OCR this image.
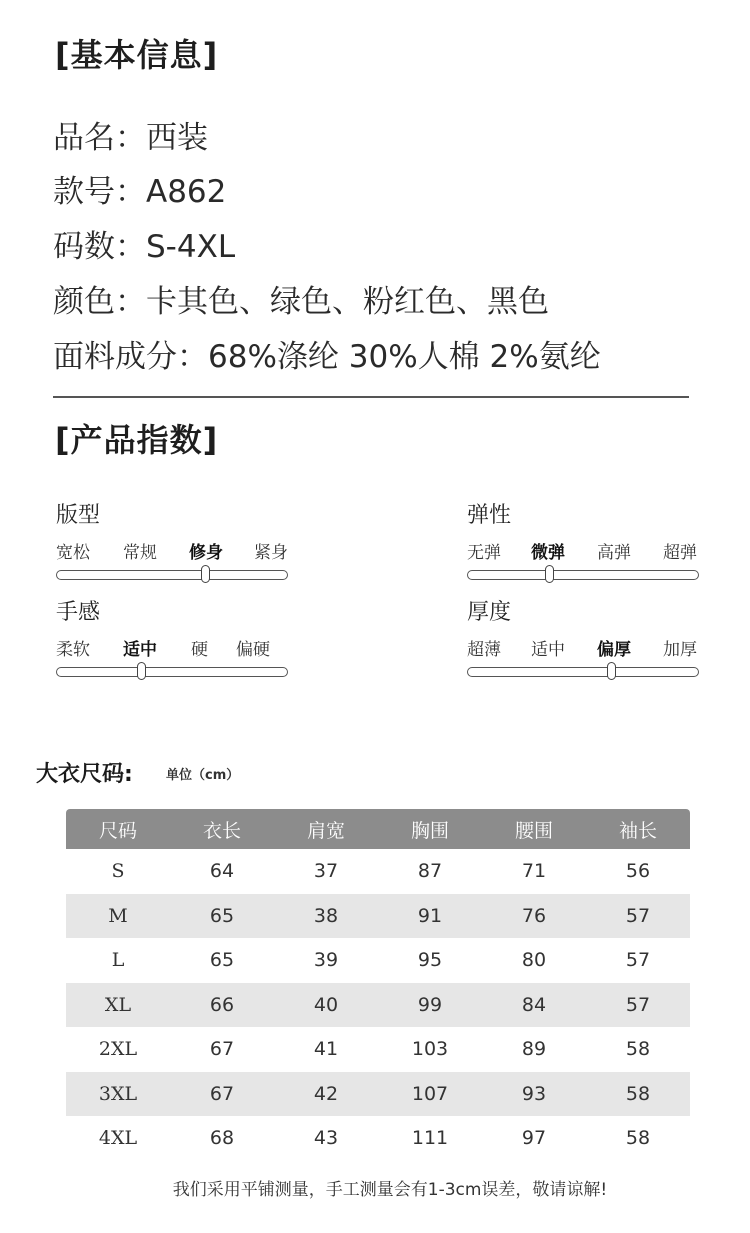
[基本信息]
品名：西装
款号：A862
码数：S-4XL
颜色：卡其色、绿色、粉红色、黑色
面料成分：68%涤纶 30%人棉 2%氨纶
[产品指数]
版型
宽松 常规 修身 紧身
弹性
无弹 微弹 高弹 超弹
手感
柔软 适中 硬 偏硬
厚度
超薄 适中 偏厚 加厚
大衣尺码:	单位（cm）
尺码	衣长	肩宽	胸围	腰围	袖长
S	64	37	87	71	56
M	65	38	91	76	57
L	65	39	95	80	57
XL	66	40	99	84	57
2XL	67	41	103	89	58
3XL	67	42	107	93	58
4XL	68	43	111	97	58
我们采用平铺测量，手工测量会有1-3cm误差，敬请谅解!
